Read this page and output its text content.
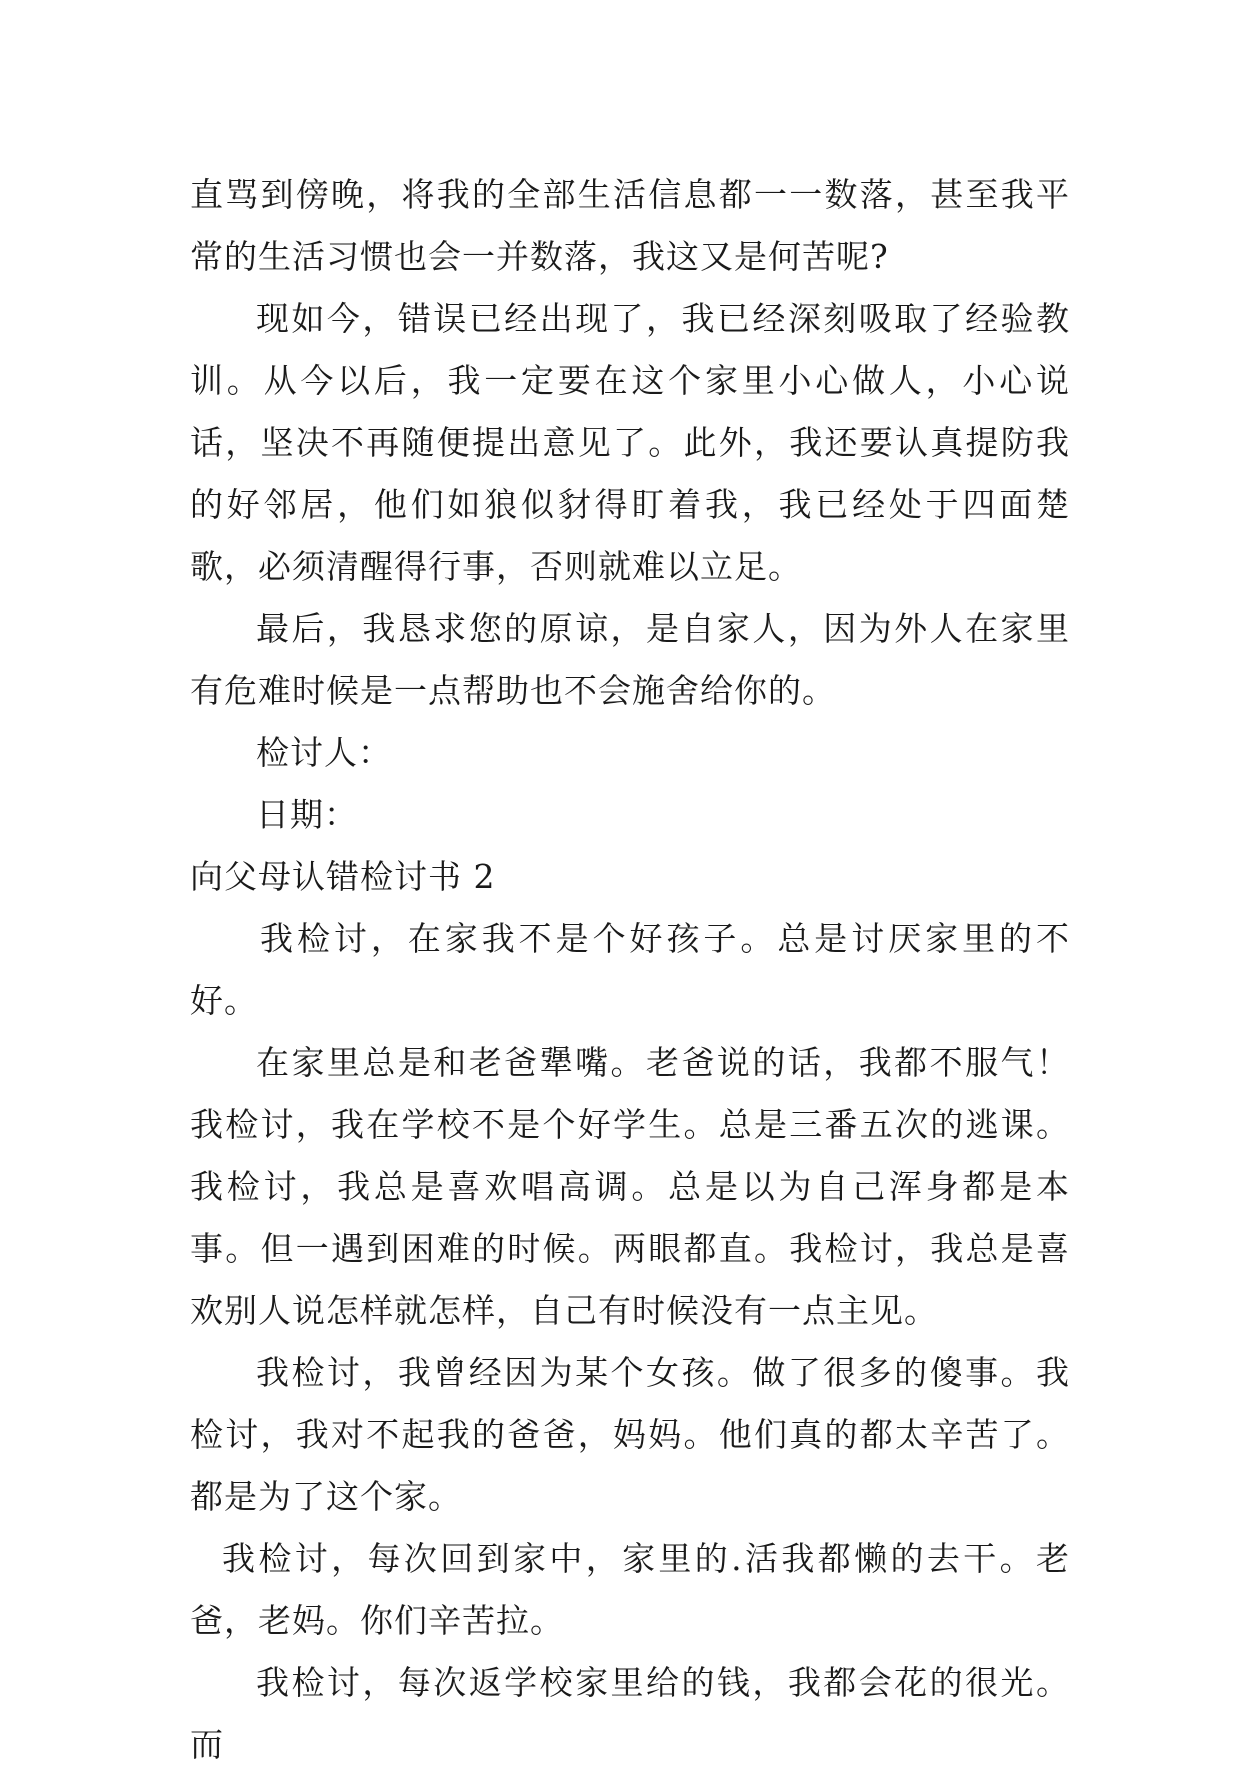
直骂到傍晚，将我的全部生活信息都一一数落，甚至我平常的生活习惯也会一并数落，我这又是何苦呢?

现如今，错误已经出现了，我已经深刻吸取了经验教训。从今以后，我一定要在这个家里小心做人，小心说话，坚决不再随便提出意见了。此外，我还要认真提防我的好邻居，他们如狼似豺得盯着我，我已经处于四面楚歌，必须清醒得行事，否则就难以立足。

最后，我恳求您的原谅，是自家人，因为外人在家里有危难时候是一点帮助也不会施舍给你的。

检讨人：

日期：

向父母认错检讨书 2

我检讨，在家我不是个好孩子。总是讨厌家里的不好。

在家里总是和老爸犟嘴。老爸说的话，我都不服气！我检讨，我在学校不是个好学生。总是三番五次的逃课。我检讨，我总是喜欢唱高调。总是以为自己浑身都是本事。但一遇到困难的时候。两眼都直。我检讨，我总是喜欢别人说怎样就怎样，自己有时候没有一点主见。

我检讨，我曾经因为某个女孩。做了很多的傻事。我检讨，我对不起我的爸爸，妈妈。他们真的都太辛苦了。都是为了这个家。

我检讨，每次回到家中，家里的.活我都懒的去干。老爸，老妈。你们辛苦拉。

我检讨，每次返学校家里给的钱，我都会花的很光。而
